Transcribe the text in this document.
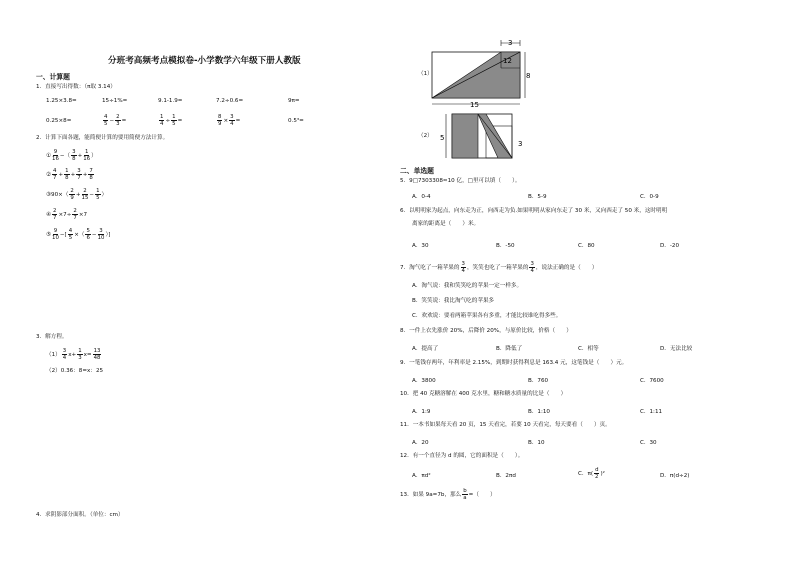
分班考高频考点模拟卷-小学数学六年级下册人教版
一、计算题
1．直接写出得数：（π取 3.14）
1.25×3.8=	15÷1%=	9.1-1.9=	7.2÷0.6=	9π=
0.25×8=	$\frac{4}{5} - \frac{2}{3}$ =	$\frac{1}{4} \div \frac{1}{5}$ =	$\frac{8}{9} \times \frac{3}{4}$ =	0.5³=
2．计算下面各题，能简便计算的要用简便方法计算。
① $\frac{9}{16}$ −（ $\frac{3}{8} + \frac{1}{16}$ ）
② $\frac{4}{7} + \frac{1}{8} + \frac{3}{7} + \frac{7}{8}$
③90×（ $\frac{2}{9} + \frac{2}{15} - \frac{1}{5}$ ）
④ $\frac{2}{7} \times 7\div \frac{2}{7} \times 7$
⑤ $\frac{9}{10}$ −[ $\frac{4}{5}$ ×（ $\frac{5}{6} - \frac{3}{10}$ ）]
3．解方程。
$(1) \frac{3}{4} x+ \frac{1}{3} x= \frac{13}{48}$
（2）0.36：8=x：25
4．求阴影部分面积。（单位：cm）
（1）
3
12
8
15
（2） 5
3
二、单选题
5．9□7303308≈10 亿，□里可以填（　　）。
A．0-4	B．5-9	C．0-9
6．以明明家为起点，向东走为正，向西走为负.如果明明从家向东走了 30 米，又向西走了 50 米，这时明明
离家的距离是（　　）米。
A．30	B．-50	C．80	D．-20
7．淘气吃了一箱苹果的 $\frac{3}{4}$ ，笑笑也吃了一箱苹果的 $\frac{3}{4}$ ，说法正确的是（　　）
A．淘气说：我和笑笑吃的苹果一定一样多。
B．笑笑说：我比淘气吃的苹果多
C．欢欢说：要看两箱苹果各有多重，才能比较谁吃得多些。
8．一件上衣先涨价 20%，后降价 20%，与原价比较，价格（　　）
A．提高了	B．降低了	C．相等	D．无法比较
9．一笔钱存两年，年利率是 2.15%，到期时获得利息是 163.4 元，这笔钱是（　　）元。
A．3800	B．760	C．7600
10．把 40 克糖溶解在 400 克水里，糖和糖水质量的比是（　　）
A．1:9	B．1:10	C．1:11
11．一本书如果每天看 20 页，15 天看完，若要 10 天看完，每天要看（　　）页。
A．20	B．10	C．30
12．有一个直径为 d 的圆，它的面积是（　　）。
A．πd²	B．2πd	C．$\pi( \frac{d}{2} )^2$	D．π(d÷2)
13．如果 9a=7b，那么 $\frac{b}{a}$ =（　　）
